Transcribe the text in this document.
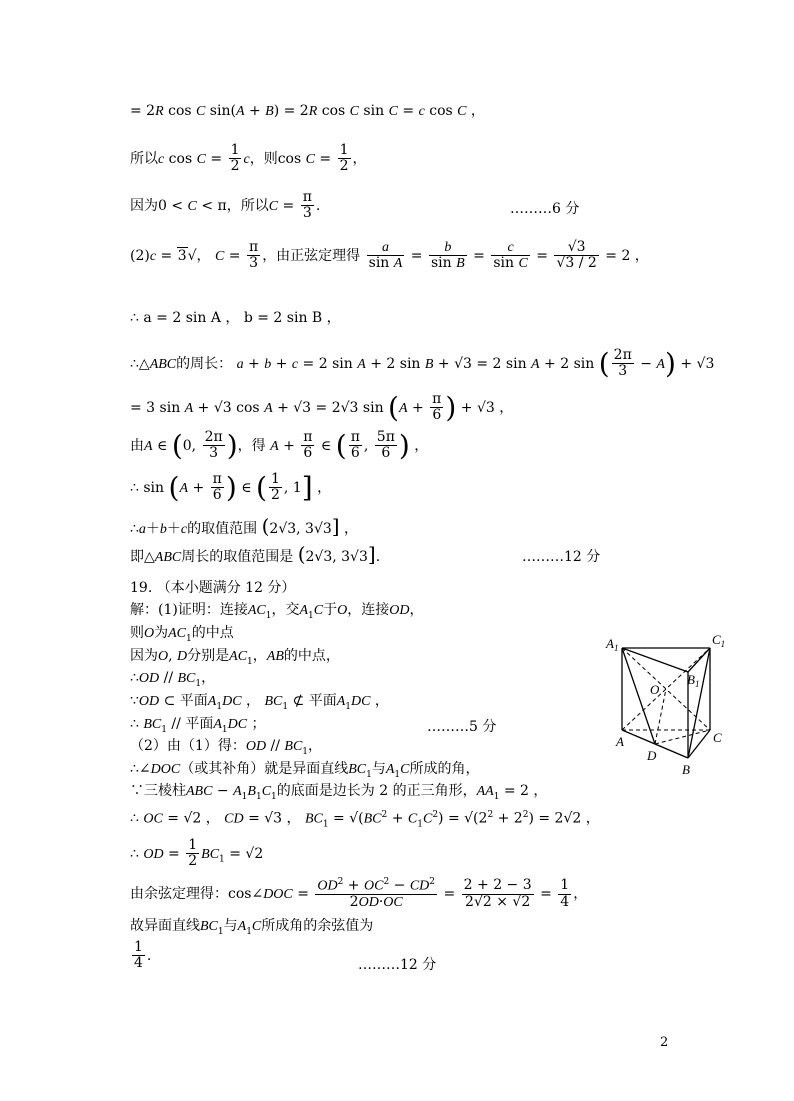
= 2R cos C sin(A + B) = 2R cos C sin C = c cos C ，
所以c $\cos C = \frac{1}{2}$ c，则$\cos C = \frac{1}{2}$ ，
因为0 < C < π，所以$C = \frac{\pi}{3}$ .	………6 分
(2)c = 3√， $C = \frac{\pi}{3}$ ，由正弦定理得 $\frac{a}{\text{sin A}} = \frac{b}{\text{sin B}} = \frac{c}{\text{sin C}} = \frac{√3}{√3 / 2} = 2$ ，
∴ a = 2 sin A ， b = 2 sin B ，
∴△ABC的周长： a + b + c = 2 sin A + 2 sin B + √3 = 2 sin A + 2 sin ( $\frac{2\pi}{3} - A) + √3$
= 3 sin A + √3 cos A + √3 = 2√3 $\sin (A + \frac{\pi}{6}$ ) + √3 ，
由A ∈ (0, $\frac{2\pi}{3}$ )，得 $A + \frac{\pi}{6}$ ∈ ( $\frac{\pi}{6}$ , $\frac{5\pi}{6}$ ) ，
∴ $\sin (A + \frac{\pi}{6}$ ) ∈ ( $\frac{1}{2}$ , 1] ，
∴a＋b＋c的取值范围 (2√3, 3√3] ，
即△ABC周长的取值范围是 (2√3, 3√3].	………12 分
19. （本小题满分 12 分）
解：(1)证明：连接$AC_1$，交$A_1C$于O，连接OD，
则O为$AC_1$的中点
因为O, D分别是$AC_1$，AB的中点，
∴OD // $BC_1$，
∵OD ⊂ 平面$A_1DC$ ， $BC_1$ ⊄ 平面$A_1DC$ ，
∴ $BC_1$ // 平面$A_1DC$ ；	………5 分
（2）由（1）得：OD // $BC_1$，
∴∠DOC（或其补角）就是异面直线$BC_1$与$A_1C$所成的角，
∵三棱柱ABC − $A_1B_1C_1$的底面是边长为 2 的正三角形，$AA_1 = 2$ ，
∴ OC = √2 ， CD = √3 ， $BC_1 = √(BC^2 + C_1C^2) = √(2^2 + 2^2) = 2√2$ ，
∴ OD = $\frac{1}{2} BC_1 = √2$
由余弦定理得：cos∠DOC = $\frac{OD^2 + OC^2 - CD^2}{2OD\cdot OC} = \frac{2 + 2 - 3}{2√2 \times √2} = \frac{1}{4}$ ，
故异面直线$BC_1$与$A_1C$所成角的余弦值为
$\frac{1}{4}$ .
………12 分
$A_1$
$C_1$
$B_1$
O
A
D
C
B
2
